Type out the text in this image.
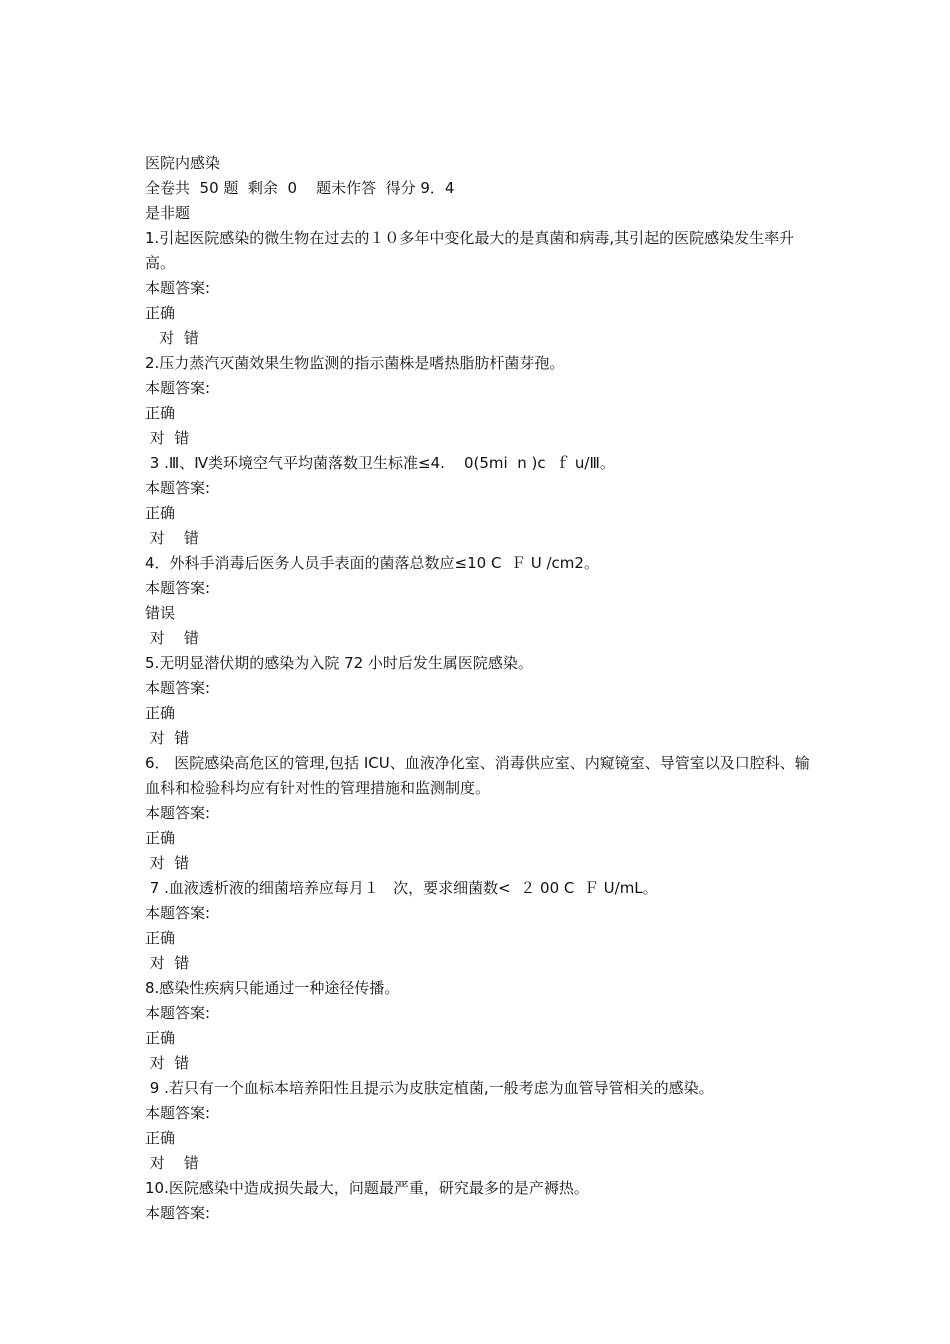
医院内感染
全卷共  50 题  剩余  0    题未作答  得分 9．4
是非题
1.引起医院感染的微生物在过去的１０多年中变化最大的是真菌和病毒,其引起的医院感染发生率升高。
本题答案:
正确
对  错
2.压力蒸汽灭菌效果生物监测的指示菌株是嗜热脂肪杆菌芽孢。
本题答案:
正确
对  错
3 .Ⅲ、Ⅳ类环境空气平均菌落数卫生标准≤4.    0(5mi  n )c  ｆ u/Ⅲ。
本题答案:
正确
对    错
4．外科手消毒后医务人员手表面的菌落总数应≤10 C  Ｆ U /cm2。
本题答案:
错误
对    错
5.无明显潜伏期的感染为入院 72 小时后发生属医院感染。
本题答案:
正确
对  错
6． 医院感染高危区的管理,包括 ICU、血液净化室、消毒供应室、内窥镜室、导管室以及口腔科、输血科和检验科均应有针对性的管理措施和监测制度。
本题答案:
正确
对  错
7 .血液透析液的细菌培养应每月１   次，要求细菌数<  ２ 00 C  Ｆ U/mL。
本题答案:
正确
对  错
8.感染性疾病只能通过一种途径传播。
本题答案:
正确
对  错
9 .若只有一个血标本培养阳性且提示为皮肤定植菌,一般考虑为血管导管相关的感染。
本题答案:
正确
对    错
10.医院感染中造成损失最大，问题最严重，研究最多的是产褥热。
本题答案:
